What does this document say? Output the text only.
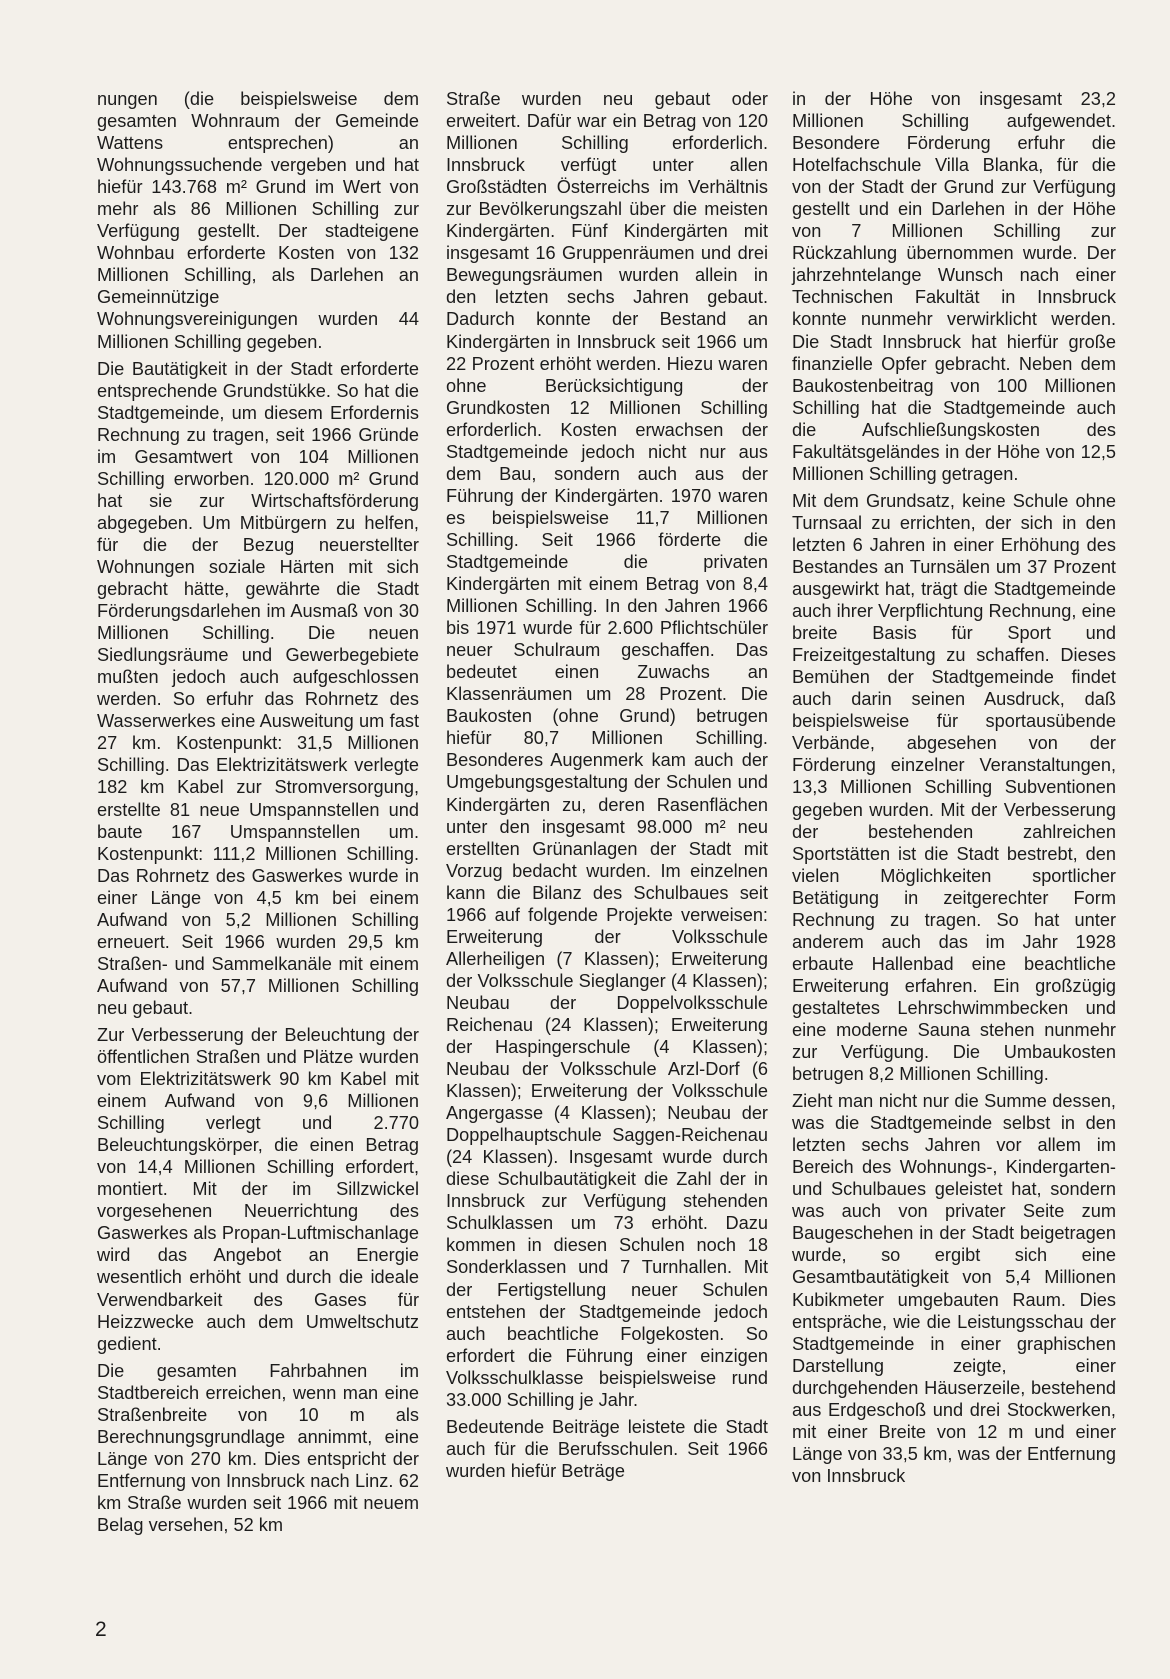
nungen (die beispielsweise dem gesamten Wohnraum der Gemeinde Wattens entsprechen) an Wohnungssuchende vergeben und hat hiefür 143.768 m² Grund im Wert von mehr als 86 Millionen Schilling zur Verfügung gestellt. Der stadteigene Wohnbau erforderte Kosten von 132 Millionen Schilling, als Darlehen an Gemeinnützige Wohnungsvereinigungen wurden 44 Millionen Schilling gegeben.

Die Bautätigkeit in der Stadt erforderte entsprechende Grundstükke. So hat die Stadtgemeinde, um diesem Erfordernis Rechnung zu tragen, seit 1966 Gründe im Gesamtwert von 104 Millionen Schilling erworben. 120.000 m² Grund hat sie zur Wirtschaftsförderung abgegeben. Um Mitbürgern zu helfen, für die der Bezug neuerstellter Wohnungen soziale Härten mit sich gebracht hätte, gewährte die Stadt Förderungsdarlehen im Ausmaß von 30 Millionen Schilling. Die neuen Siedlungsräume und Gewerbegebiete mußten jedoch auch aufgeschlossen werden. So erfuhr das Rohrnetz des Wasserwerkes eine Ausweitung um fast 27 km. Kostenpunkt: 31,5 Millionen Schilling. Das Elektrizitätswerk verlegte 182 km Kabel zur Stromversorgung, erstellte 81 neue Umspannstellen und baute 167 Umspannstellen um. Kostenpunkt: 111,2 Millionen Schilling. Das Rohrnetz des Gaswerkes wurde in einer Länge von 4,5 km bei einem Aufwand von 5,2 Millionen Schilling erneuert. Seit 1966 wurden 29,5 km Straßen- und Sammelkanäle mit einem Aufwand von 57,7 Millionen Schilling neu gebaut.

Zur Verbesserung der Beleuchtung der öffentlichen Straßen und Plätze wurden vom Elektrizitätswerk 90 km Kabel mit einem Aufwand von 9,6 Millionen Schilling verlegt und 2.770 Beleuchtungskörper, die einen Betrag von 14,4 Millionen Schilling erfordert, montiert. Mit der im Sillzwickel vorgesehenen Neuerrichtung des Gaswerkes als Propan-Luftmischanlage wird das Angebot an Energie wesentlich erhöht und durch die ideale Verwendbarkeit des Gases für Heizzwecke auch dem Umweltschutz gedient.

Die gesamten Fahrbahnen im Stadtbereich erreichen, wenn man eine Straßenbreite von 10 m als Berechnungsgrundlage annimmt, eine Länge von 270 km. Dies entspricht der Entfernung von Innsbruck nach Linz. 62 km Straße wurden seit 1966 mit neuem Belag versehen, 52 km

Straße wurden neu gebaut oder erweitert. Dafür war ein Betrag von 120 Millionen Schilling erforderlich. Innsbruck verfügt unter allen Großstädten Österreichs im Verhältnis zur Bevölkerungszahl über die meisten Kindergärten. Fünf Kindergärten mit insgesamt 16 Gruppenräumen und drei Bewegungsräumen wurden allein in den letzten sechs Jahren gebaut. Dadurch konnte der Bestand an Kindergärten in Innsbruck seit 1966 um 22 Prozent erhöht werden. Hiezu waren ohne Berücksichtigung der Grundkosten 12 Millionen Schilling erforderlich. Kosten erwachsen der Stadtgemeinde jedoch nicht nur aus dem Bau, sondern auch aus der Führung der Kindergärten. 1970 waren es beispielsweise 11,7 Millionen Schilling. Seit 1966 förderte die Stadtgemeinde die privaten Kindergärten mit einem Betrag von 8,4 Millionen Schilling. In den Jahren 1966 bis 1971 wurde für 2.600 Pflichtschüler neuer Schulraum geschaffen. Das bedeutet einen Zuwachs an Klassenräumen um 28 Prozent. Die Baukosten (ohne Grund) betrugen hiefür 80,7 Millionen Schilling. Besonderes Augenmerk kam auch der Umgebungsgestaltung der Schulen und Kindergärten zu, deren Rasenflächen unter den insgesamt 98.000 m² neu erstellten Grünanlagen der Stadt mit Vorzug bedacht wurden. Im einzelnen kann die Bilanz des Schulbaues seit 1966 auf folgende Projekte verweisen: Erweiterung der Volksschule Allerheiligen (7 Klassen); Erweiterung der Volksschule Sieglanger (4 Klassen); Neubau der Doppelvolksschule Reichenau (24 Klassen); Erweiterung der Haspingerschule (4 Klassen); Neubau der Volksschule Arzl-Dorf (6 Klassen); Erweiterung der Volksschule Angergasse (4 Klassen); Neubau der Doppelhauptschule Saggen-Reichenau (24 Klassen). Insgesamt wurde durch diese Schulbautätigkeit die Zahl der in Innsbruck zur Verfügung stehenden Schulklassen um 73 erhöht. Dazu kommen in diesen Schulen noch 18 Sonderklassen und 7 Turnhallen. Mit der Fertigstellung neuer Schulen entstehen der Stadtgemeinde jedoch auch beachtliche Folgekosten. So erfordert die Führung einer einzigen Volksschulklasse beispielsweise rund 33.000 Schilling je Jahr.

Bedeutende Beiträge leistete die Stadt auch für die Berufsschulen. Seit 1966 wurden hiefür Beträge

in der Höhe von insgesamt 23,2 Millionen Schilling aufgewendet. Besondere Förderung erfuhr die Hotelfachschule Villa Blanka, für die von der Stadt der Grund zur Verfügung gestellt und ein Darlehen in der Höhe von 7 Millionen Schilling zur Rückzahlung übernommen wurde. Der jahrzehntelange Wunsch nach einer Technischen Fakultät in Innsbruck konnte nunmehr verwirklicht werden. Die Stadt Innsbruck hat hierfür große finanzielle Opfer gebracht. Neben dem Baukostenbeitrag von 100 Millionen Schilling hat die Stadtgemeinde auch die Aufschließungskosten des Fakultätsgeländes in der Höhe von 12,5 Millionen Schilling getragen.

Mit dem Grundsatz, keine Schule ohne Turnsaal zu errichten, der sich in den letzten 6 Jahren in einer Erhöhung des Bestandes an Turnsälen um 37 Prozent ausgewirkt hat, trägt die Stadtgemeinde auch ihrer Verpflichtung Rechnung, eine breite Basis für Sport und Freizeitgestaltung zu schaffen. Dieses Bemühen der Stadtgemeinde findet auch darin seinen Ausdruck, daß beispielsweise für sportausübende Verbände, abgesehen von der Förderung einzelner Veranstaltungen, 13,3 Millionen Schilling Subventionen gegeben wurden. Mit der Verbesserung der bestehenden zahlreichen Sportstätten ist die Stadt bestrebt, den vielen Möglichkeiten sportlicher Betätigung in zeitgerechter Form Rechnung zu tragen. So hat unter anderem auch das im Jahr 1928 erbaute Hallenbad eine beachtliche Erweiterung erfahren. Ein großzügig gestaltetes Lehrschwimmbecken und eine moderne Sauna stehen nunmehr zur Verfügung. Die Umbaukosten betrugen 8,2 Millionen Schilling.

Zieht man nicht nur die Summe dessen, was die Stadtgemeinde selbst in den letzten sechs Jahren vor allem im Bereich des Wohnungs-, Kindergarten- und Schulbaues geleistet hat, sondern was auch von privater Seite zum Baugeschehen in der Stadt beigetragen wurde, so ergibt sich eine Gesamtbautätigkeit von 5,4 Millionen Kubikmeter umgebauten Raum. Dies entspräche, wie die Leistungsschau der Stadtgemeinde in einer graphischen Darstellung zeigte, einer durchgehenden Häuserzeile, bestehend aus Erdgeschoß und drei Stockwerken, mit einer Breite von 12 m und einer Länge von 33,5 km, was der Entfernung von Innsbruck

2
